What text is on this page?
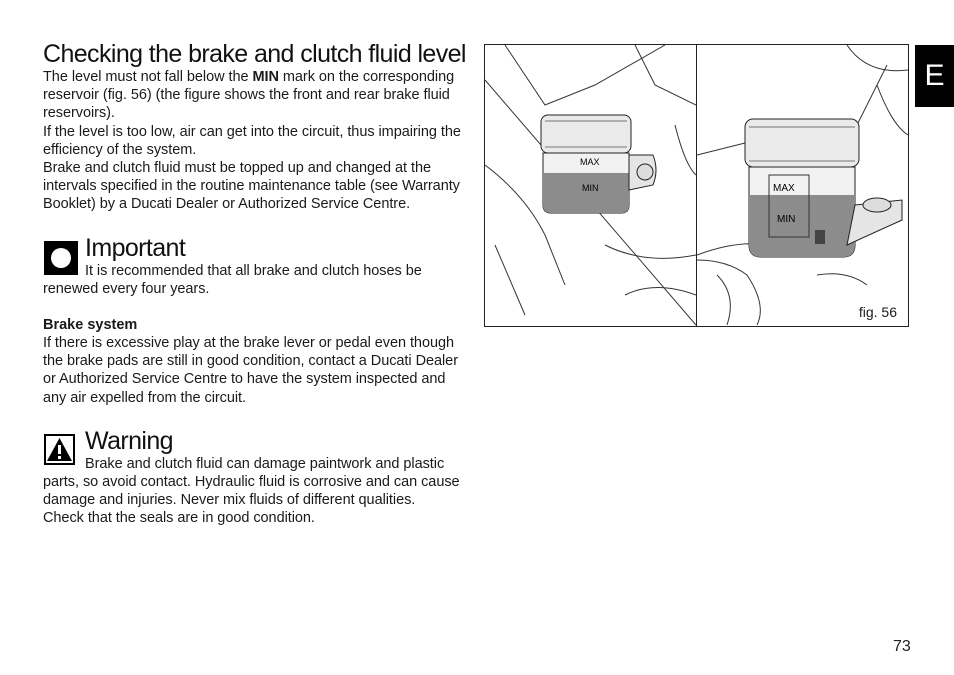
Checking the brake and clutch fluid level

The level must not fall below the MIN mark on the corresponding reservoir (fig. 56) (the figure shows the front and rear brake fluid reservoirs).

If the level is too low, air can get into the circuit, thus impairing the efficiency of the system.

Brake and clutch fluid must be topped up and changed at the intervals specified in the routine maintenance table (see Warranty Booklet) by a Ducati Dealer or Authorized Service Centre.

Important

It is recommended that all brake and clutch hoses be renewed every four years.

Brake system

If there is excessive play at the brake lever or pedal even though the brake pads are still in good condition, contact a Ducati Dealer or Authorized Service Centre to have the system inspected and any air expelled from the circuit.

Warning

Brake and clutch fluid can damage paintwork and plastic parts, so avoid contact. Hydraulic fluid is corrosive and can cause damage and injuries. Never mix fluids of different qualities.

Check that the seals are in good condition.

MAX
MIN	MAX
MIN
fig. 56
E
73
